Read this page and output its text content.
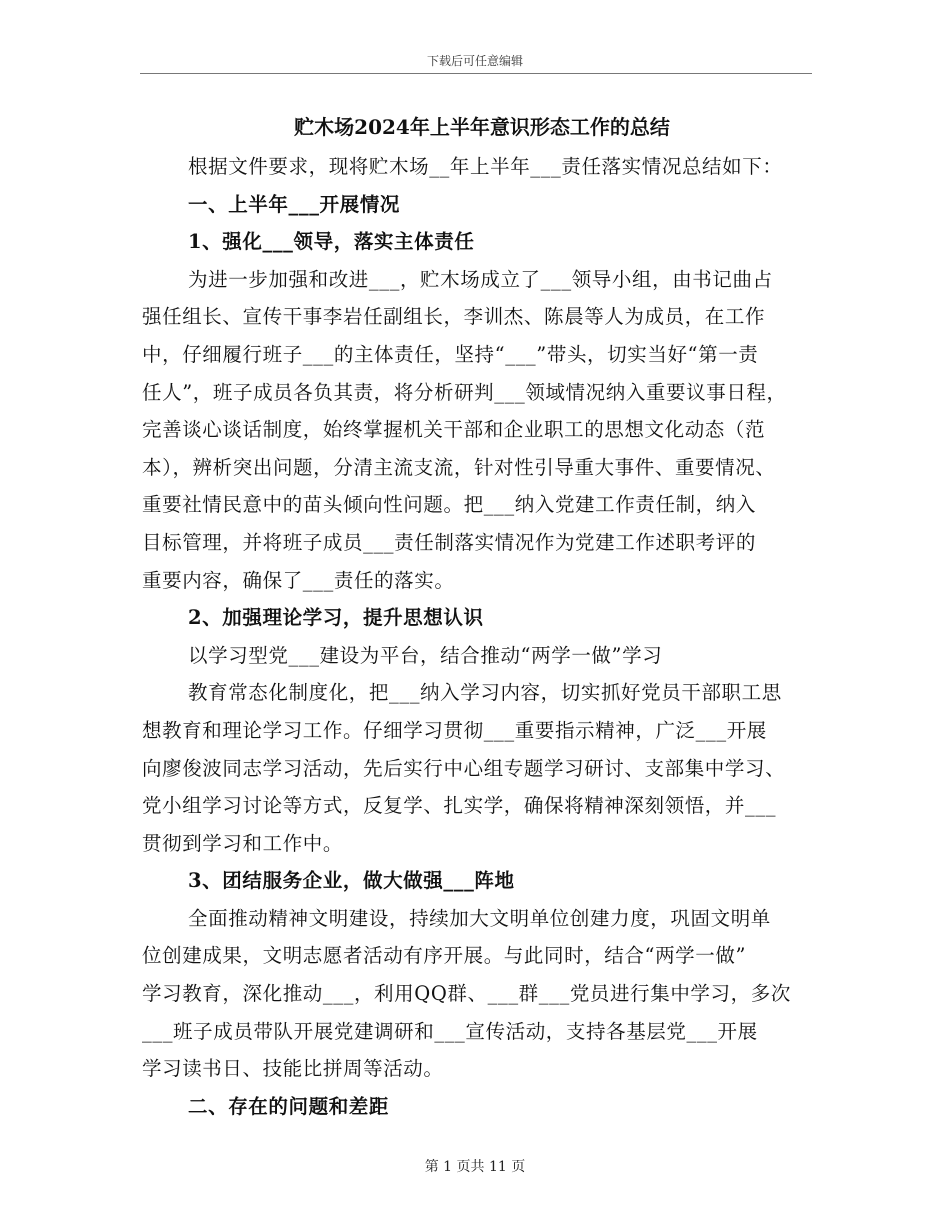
下载后可任意编辑

贮木场2024年上半年意识形态工作的总结

根据文件要求，现将贮木场__年上半年___责任落实情况总结如下：

一、上半年___开展情况

1、强化___领导，落实主体责任

为进一步加强和改进___，贮木场成立了___领导小组，由书记曲占

强任组长、宣传干事李岩任副组长，李训杰、陈晨等人为成员，在工作

中，仔细履行班子___的主体责任，坚持“___”带头，切实当好“第一责

任人”，班子成员各负其责，将分析研判___领域情况纳入重要议事日程，

完善谈心谈话制度，始终掌握机关干部和企业职工的思想文化动态（范

本），辨析突出问题，分清主流支流，针对性引导重大事件、重要情况、

重要社情民意中的苗头倾向性问题。把___纳入党建工作责任制，纳入

目标管理，并将班子成员___责任制落实情况作为党建工作述职考评的

重要内容，确保了___责任的落实。

2、加强理论学习，提升思想认识

以学习型党___建设为平台，结合推动“两学一做”学习

教育常态化制度化，把___纳入学习内容，切实抓好党员干部职工思

想教育和理论学习工作。仔细学习贯彻___重要指示精神，广泛___开展

向廖俊波同志学习活动，先后实行中心组专题学习研讨、支部集中学习、

党小组学习讨论等方式，反复学、扎实学，确保将精神深刻领悟，并___

贯彻到学习和工作中。

3、团结服务企业，做大做强___阵地

全面推动精神文明建设，持续加大文明单位创建力度，巩固文明单

位创建成果，文明志愿者活动有序开展。与此同时，结合“两学一做”

学习教育，深化推动___，利用QQ群、___群___党员进行集中学习，多次

___班子成员带队开展党建调研和___宣传活动，支持各基层党___开展

学习读书日、技能比拼周等活动。

二、存在的问题和差距

第 1 页共 11 页
